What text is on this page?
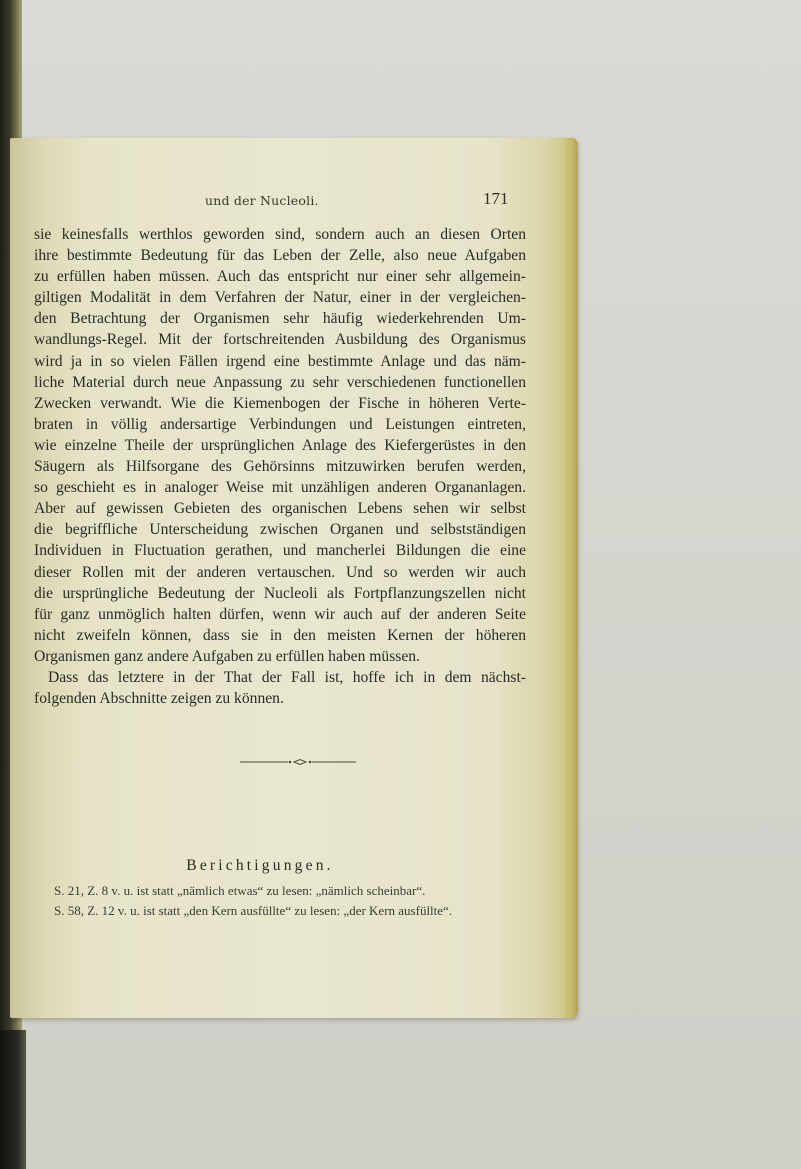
und der Nucleoli.	171
sie keinesfalls werthlos geworden sind, sondern auch an diesen Orten
ihre bestimmte Bedeutung für das Leben der Zelle, also neue Aufgaben
zu erfüllen haben müssen. Auch das entspricht nur einer sehr allgemein-
giltigen Modalität in dem Verfahren der Natur, einer in der vergleichen-
den Betrachtung der Organismen sehr häufig wiederkehrenden Um-
wandlungs-Regel. Mit der fortschreitenden Ausbildung des Organismus
wird ja in so vielen Fällen irgend eine bestimmte Anlage und das näm-
liche Material durch neue Anpassung zu sehr verschiedenen functionellen
Zwecken verwandt. Wie die Kiemenbogen der Fische in höheren Verte-
braten in völlig andersartige Verbindungen und Leistungen eintreten,
wie einzelne Theile der ursprünglichen Anlage des Kiefergerüstes in den
Säugern als Hilfsorgane des Gehörsinns mitzuwirken berufen werden,
so geschieht es in analoger Weise mit unzähligen anderen Organanlagen.
Aber auf gewissen Gebieten des organischen Lebens sehen wir selbst
die begriffliche Unterscheidung zwischen Organen und selbstständigen
Individuen in Fluctuation gerathen, und mancherlei Bildungen die eine
dieser Rollen mit der anderen vertauschen. Und so werden wir auch
die ursprüngliche Bedeutung der Nucleoli als Fortpflanzungszellen nicht
für ganz unmöglich halten dürfen, wenn wir auch auf der anderen Seite
nicht zweifeln können, dass sie in den meisten Kernen der höheren
Organismen ganz andere Aufgaben zu erfüllen haben müssen.
Dass das letztere in der That der Fall ist, hoffe ich in dem nächst-
folgenden Abschnitte zeigen zu können.
Berichtigungen.
S. 21, Z. 8 v. u. ist statt „nämlich etwas“ zu lesen: „nämlich scheinbar“.
S. 58, Z. 12 v. u. ist statt „den Kern ausfüllte“ zu lesen: „der Kern ausfüllte“.
